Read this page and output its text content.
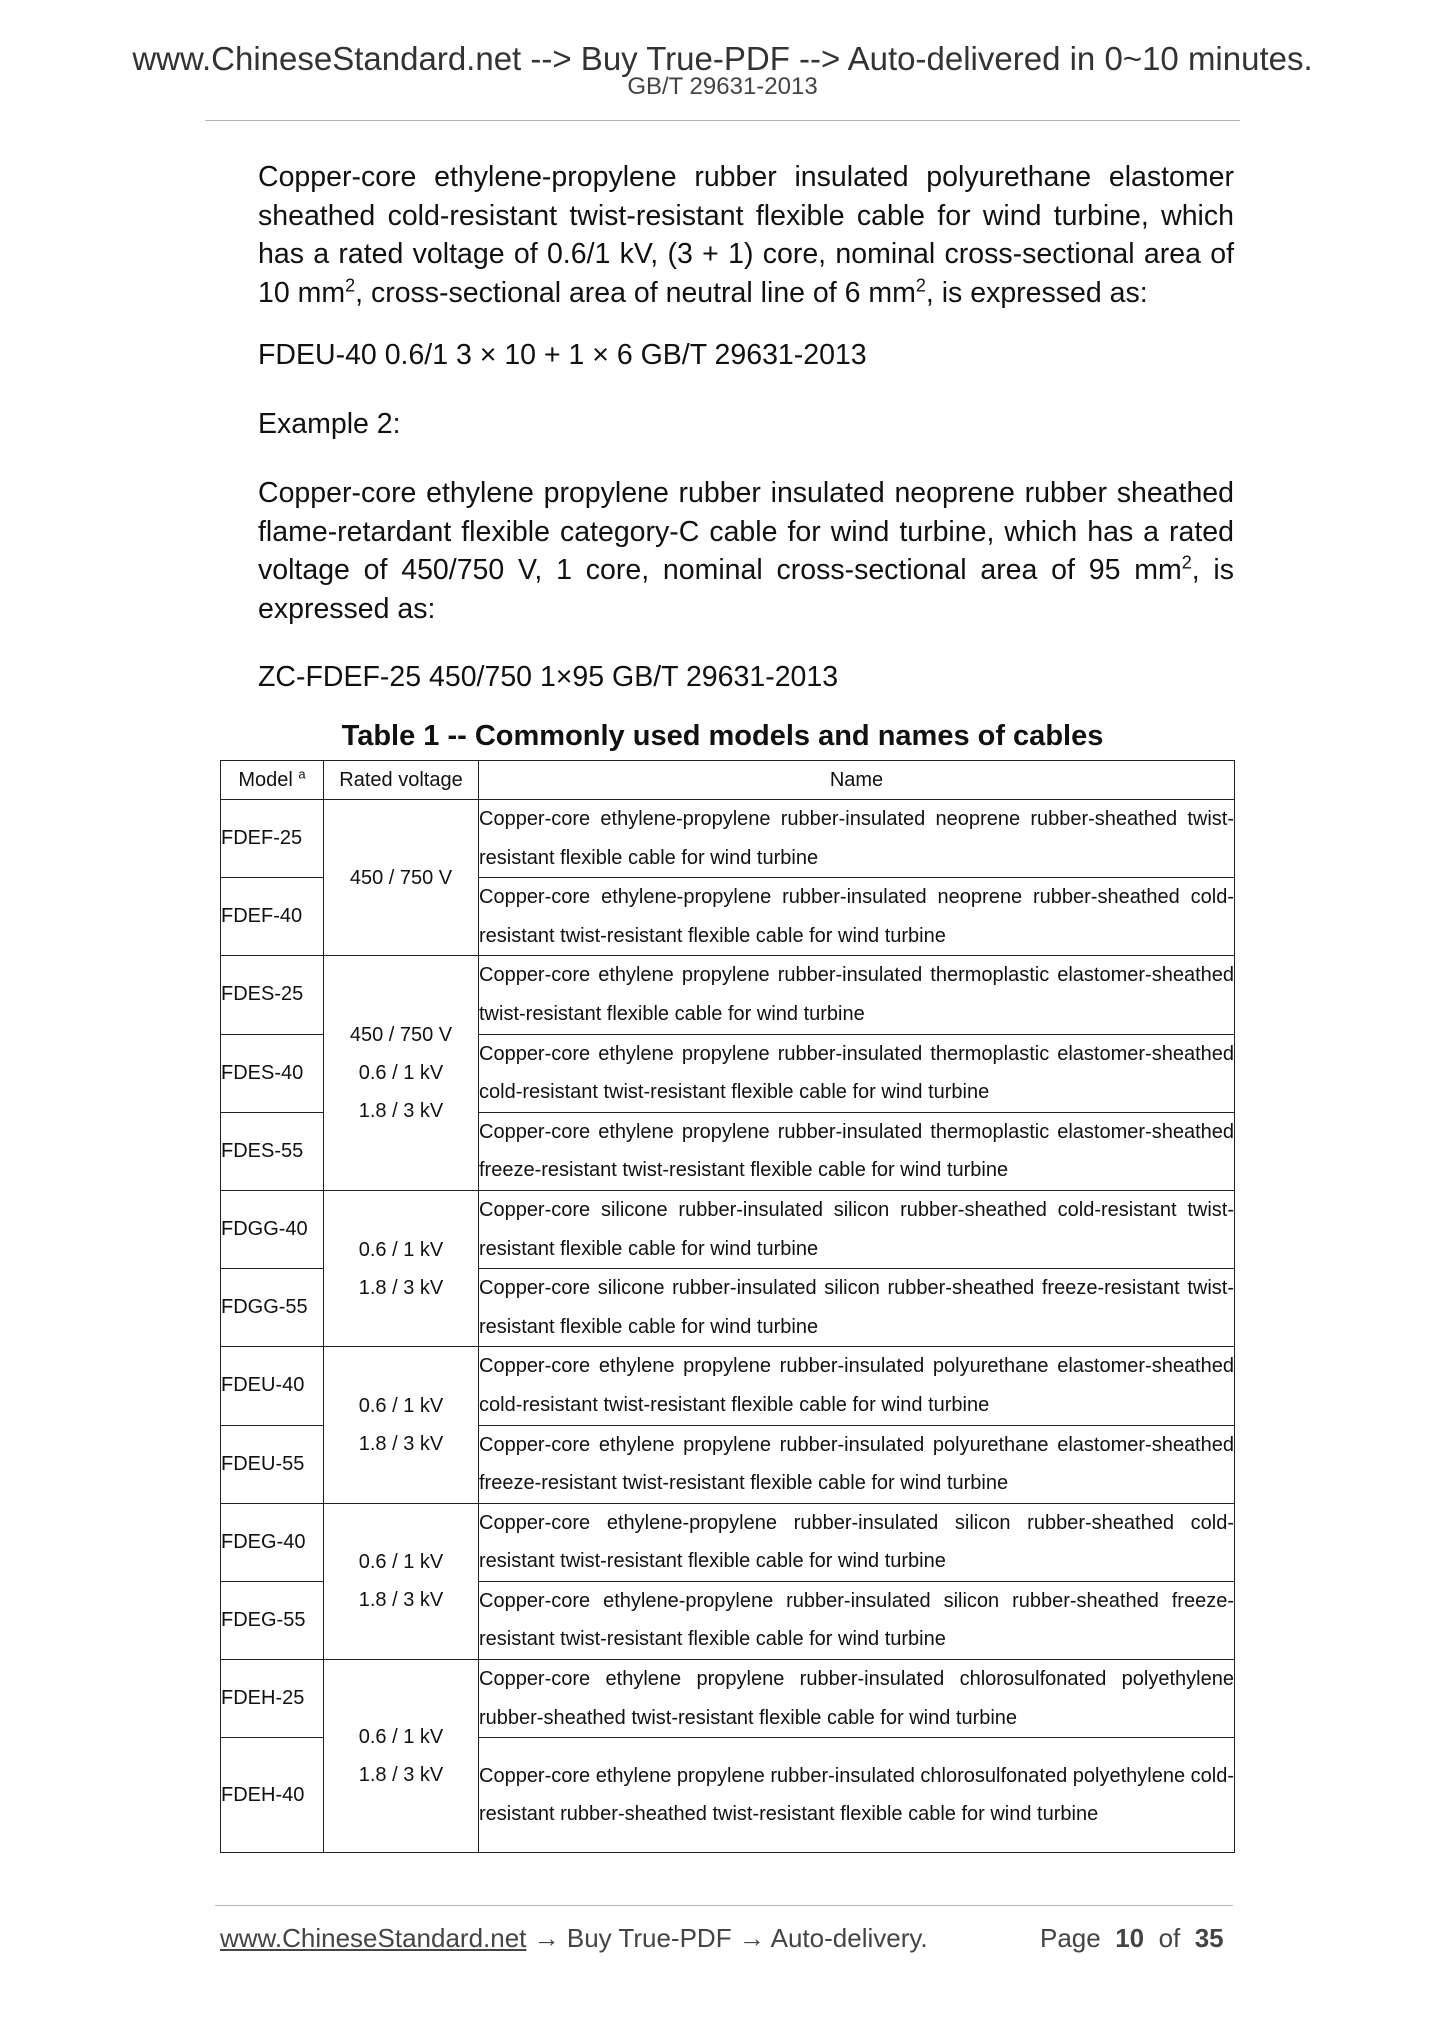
www.ChineseStandard.net --> Buy True-PDF --> Auto-delivered in 0~10 minutes.
GB/T 29631-2013

Copper-core ethylene-propylene rubber insulated polyurethane elastomer sheathed cold-resistant twist-resistant flexible cable for wind turbine, which has a rated voltage of 0.6/1 kV, (3 + 1) core, nominal cross-sectional area of 10 $mm^2$, cross-sectional area of neutral line of 6 $mm^2$, is expressed as:

FDEU-40 0.6/1 3 × 10 + 1 × 6 GB/T 29631-2013

Example 2:

Copper-core ethylene propylene rubber insulated neoprene rubber sheathed flame-retardant flexible category-C cable for wind turbine, which has a rated voltage of 450/750 V, 1 core, nominal cross-sectional area of 95 $mm^2$, is expressed as:

ZC-FDEF-25 450/750 1×95 GB/T 29631-2013

Table 1 -- Commonly used models and names of cables
Model $^a$	Rated voltage	Name
FDEF-25	450 / 750 V	Copper-core ethylene-propylene rubber-insulated neoprene rubber-sheathed twist-resistant flexible cable for wind turbine
FDEF-40		Copper-core ethylene-propylene rubber-insulated neoprene rubber-sheathed cold-resistant twist-resistant flexible cable for wind turbine
FDES-25	450 / 750 V
0.6 / 1 kV
1.8 / 3 kV	Copper-core ethylene propylene rubber-insulated thermoplastic elastomer-sheathed twist-resistant flexible cable for wind turbine
FDES-40		Copper-core ethylene propylene rubber-insulated thermoplastic elastomer-sheathed cold-resistant twist-resistant flexible cable for wind turbine
FDES-55		Copper-core ethylene propylene rubber-insulated thermoplastic elastomer-sheathed freeze-resistant twist-resistant flexible cable for wind turbine
FDGG-40	0.6 / 1 kV
1.8 / 3 kV	Copper-core silicone rubber-insulated silicon rubber-sheathed cold-resistant twist-resistant flexible cable for wind turbine
FDGG-55		Copper-core silicone rubber-insulated silicon rubber-sheathed freeze-resistant twist-resistant flexible cable for wind turbine
FDEU-40	0.6 / 1 kV
1.8 / 3 kV	Copper-core ethylene propylene rubber-insulated polyurethane elastomer-sheathed cold-resistant twist-resistant flexible cable for wind turbine
FDEU-55		Copper-core ethylene propylene rubber-insulated polyurethane elastomer-sheathed freeze-resistant twist-resistant flexible cable for wind turbine
FDEG-40	0.6 / 1 kV
1.8 / 3 kV	Copper-core ethylene-propylene rubber-insulated silicon rubber-sheathed cold-resistant twist-resistant flexible cable for wind turbine
FDEG-55		Copper-core ethylene-propylene rubber-insulated silicon rubber-sheathed freeze-resistant twist-resistant flexible cable for wind turbine
FDEH-25	0.6 / 1 kV
1.8 / 3 kV	Copper-core ethylene propylene rubber-insulated chlorosulfonated polyethylene rubber-sheathed twist-resistant flexible cable for wind turbine
FDEH-40		Copper-core ethylene propylene rubber-insulated chlorosulfonated polyethylene cold-resistant rubber-sheathed twist-resistant flexible cable for wind turbine
www.ChineseStandard.net → Buy True-PDF → Auto-delivery.	Page 10 of 35
